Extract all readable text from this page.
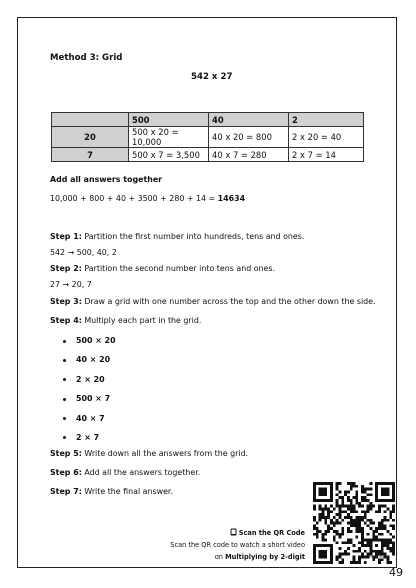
Method 3: Grid
542 x 27
	500	40	2
20	500 x 20 = 10,000	40 x 20 = 800	2 x 20 = 40
7	500 x 7 = 3,500	40 x 7 = 280	2 x 7 = 14
Add all answers together
10,000 + 800 + 40 + 3500 + 280 + 14 = 14634
Step 1: Partition the first number into hundreds, tens and ones.
542 → 500, 40, 2
Step 2: Partition the second number into tens and ones.
27 → 20, 7
Step 3: Draw a grid with one number across the top and the other down the side.
Step 4: Multiply each part in the grid.
500 × 20
40 × 20
2 × 20
500 × 7
40 × 7
2 × 7
Step 5: Write down all the answers from the grid.
Step 6: Add all the answers together.
Step 7: Write the final answer.
Scan the QR Code
Scan the QR code to watch a short video
on Multiplying by 2-digit	HR TORCS
49
